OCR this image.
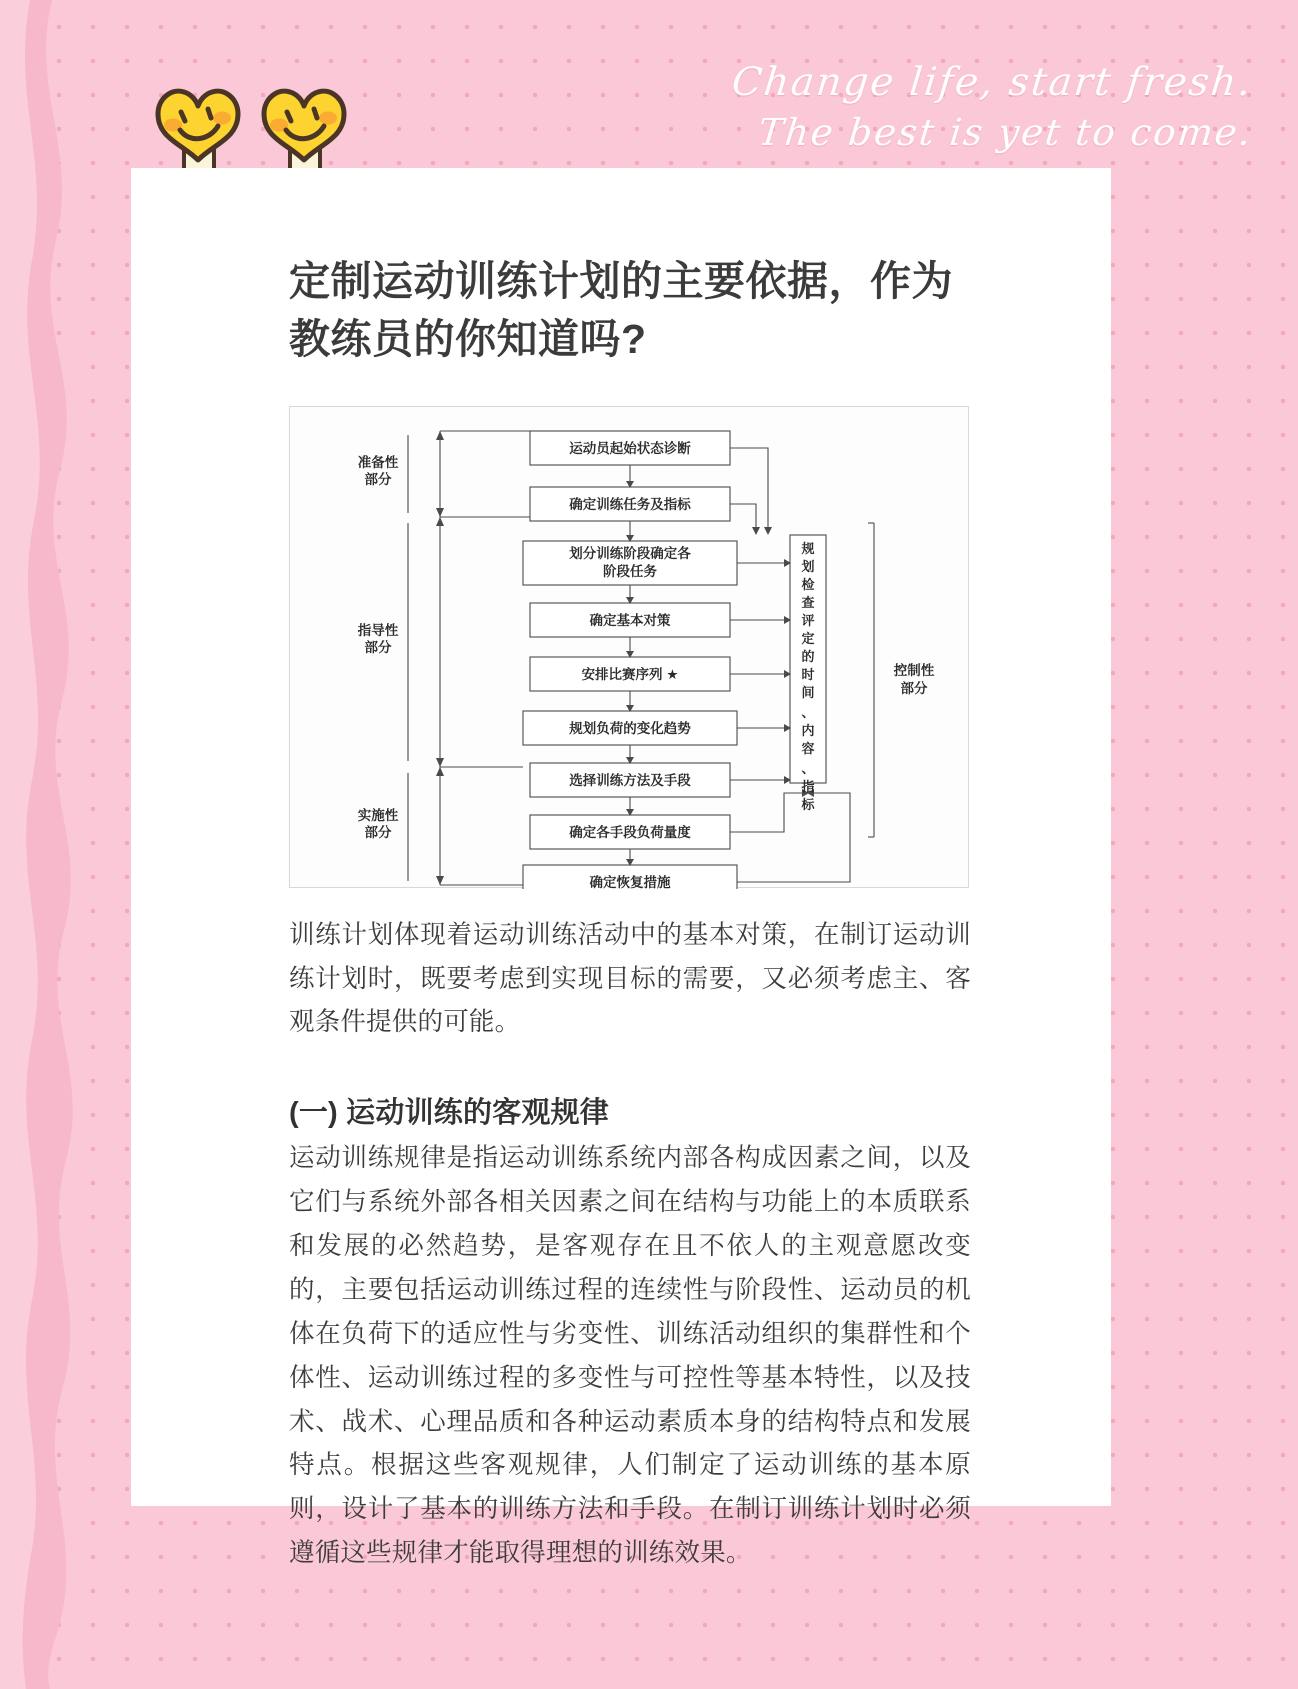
Change life, start fresh.
The best is yet to come.
定制运动训练计划的主要依据，作为教练员的你知道吗?
准备性
部分
指导性
部分
实施性
部分
运动员起始状态诊断
确定训练任务及指标
划分训练阶段确定各
阶段任务
确定基本对策
安排比赛序列 ★
规划负荷的变化趋势
选择训练方法及手段
确定各手段负荷量度
确定恢复措施
规
划
检
查
评
定
的
时
间
、
内
容
、
指
标
控制性
部分

训练计划体现着运动训练活动中的基本对策，在制订运动训练计划时，既要考虑到实现目标的需要，又必须考虑主、客观条件提供的可能。

(一) 运动训练的客观规律

运动训练规律是指运动训练系统内部各构成因素之间，以及它们与系统外部各相关因素之间在结构与功能上的本质联系和发展的必然趋势，是客观存在且不依人的主观意愿改变的，主要包括运动训练过程的连续性与阶段性、运动员的机体在负荷下的适应性与劣变性、训练活动组织的集群性和个体性、运动训练过程的多变性与可控性等基本特性，以及技术、战术、心理品质和各种运动素质本身的结构特点和发展特点。根据这些客观规律，人们制定了运动训练的基本原则，设计了基本的训练方法和手段。在制订训练计划时必须遵循这些规律才能取得理想的训练效果。
